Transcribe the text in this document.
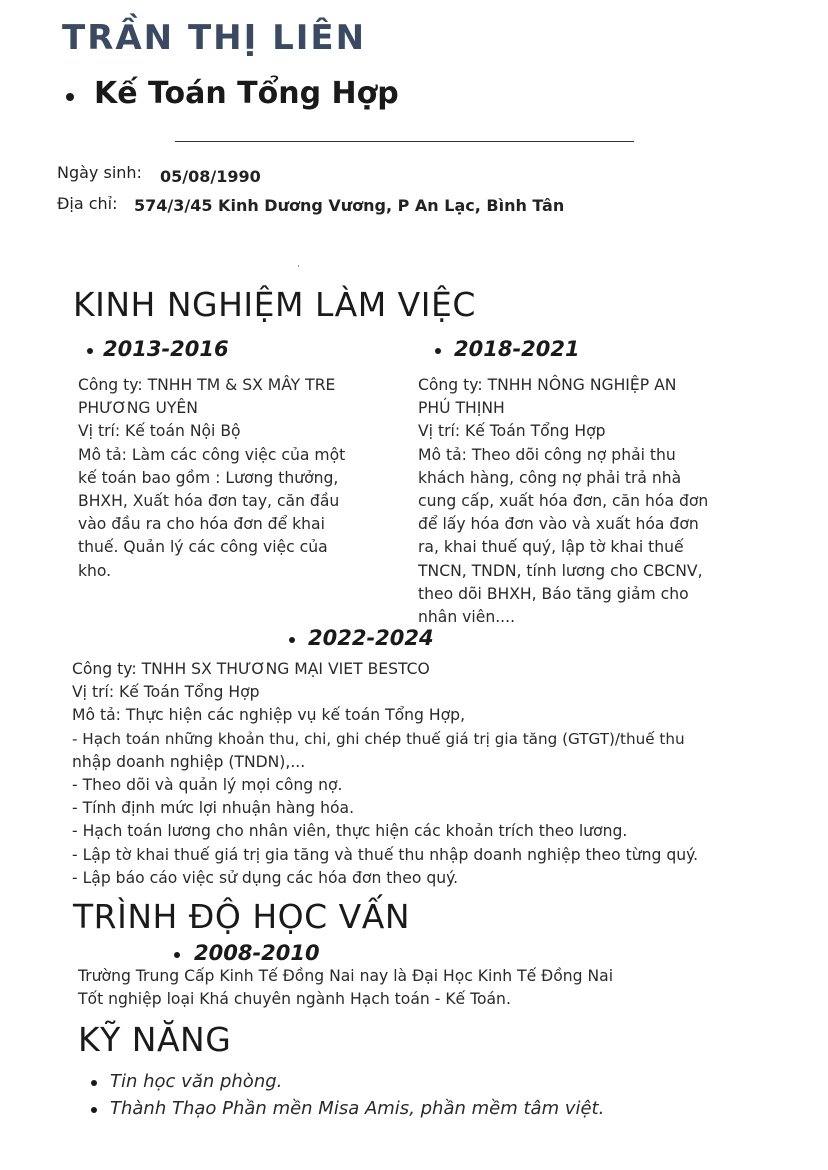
TRẦN THỊ LIÊN
Kế Toán Tổng Hợp
Ngày sinh: 05/08/1990
Địa chỉ: 574/3/45 Kinh Dương Vương, P An Lạc, Bình Tân
KINH NGHIỆM LÀM VIỆC
2013-2016
Công ty: TNHH TM & SX MÂY TRE
PHƯƠNG UYÊN
Vị trí: Kế toán Nội Bộ
Mô tả: Làm các công việc của một
kế toán bao gồm : Lương thưởng,
BHXH, Xuất hóa đơn tay, căn đầu
vào đầu ra cho hóa đơn để khai
thuế. Quản lý các công việc của
kho.
2018-2021
Công ty: TNHH NÔNG NGHIỆP AN
PHÚ THỊNH
Vị trí: Kế Toán Tổng Hợp
Mô tả: Theo dõi công nợ phải thu
khách hàng, công nợ phải trả nhà
cung cấp, xuất hóa đơn, căn hóa đơn
để lấy hóa đơn vào và xuất hóa đơn
ra, khai thuế quý, lập tờ khai thuế
TNCN, TNDN, tính lương cho CBCNV,
theo dõi BHXH, Báo tăng giảm cho
nhân viên....
2022-2024
Công ty: TNHH SX THƯƠNG MẠI VIET BESTCO
Vị trí: Kế Toán Tổng Hợp
Mô tả: Thực hiện các nghiệp vụ kế toán Tổng Hợp,
- Hạch toán những khoản thu, chi, ghi chép thuế giá trị gia tăng (GTGT)/thuế thu
nhập doanh nghiệp (TNDN),...
- Theo dõi và quản lý mọi công nợ.
- Tính định mức lợi nhuận hàng hóa.
- Hạch toán lương cho nhân viên, thực hiện các khoản trích theo lương.
- Lập tờ khai thuế giá trị gia tăng và thuế thu nhập doanh nghiệp theo từng quý.
- Lập báo cáo việc sử dụng các hóa đơn theo quý.
TRÌNH ĐỘ HỌC VẤN
2008-2010
Trường Trung Cấp Kinh Tế Đồng Nai nay là Đại Học Kinh Tế Đồng Nai
Tốt nghiệp loại Khá chuyên ngành Hạch toán - Kế Toán.
KỸ NĂNG
Tin học văn phòng.
Thành Thạo Phần mền Misa Amis, phần mềm tâm việt.
